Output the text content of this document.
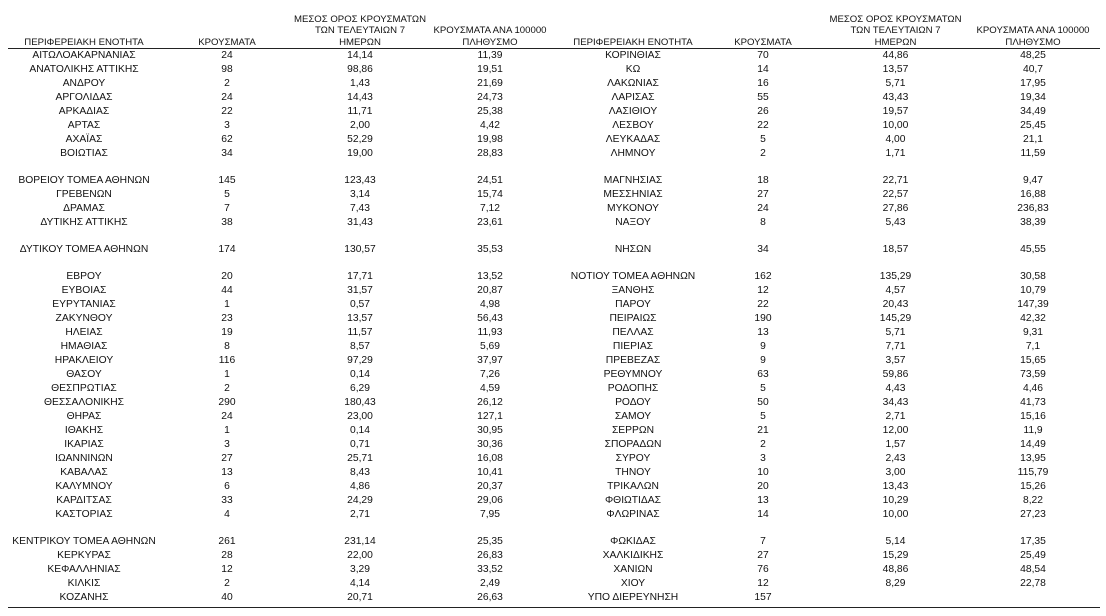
ΠΕΡΙΦΕΡΕΙΑΚΗ ΕΝΟΤΗΤΑ	ΚΡΟΥΣΜΑΤΑ
ΜΕΣΟΣ ΟΡΟΣ ΚΡΟΥΣΜΑΤΩΝ
ΤΩΝ ΤΕΛΕΥΤΑΙΩΝ 7
ΗΜΕΡΩΝ
ΚΡΟΥΣΜΑΤΑ ΑΝΑ 100000
ΠΛΗΘΥΣΜΟ
ΑΙΤΩΛΟΑΚΑΡΝΑΝΙΑΣ	24	14,14	11,39
ΑΝΑΤΟΛΙΚΗΣ ΑΤΤΙΚΗΣ	98	98,86	19,51
ΑΝΔΡΟΥ	2	1,43	21,69
ΑΡΓΟΛΙΔΑΣ	24	14,43	24,73
ΑΡΚΑΔΙΑΣ	22	11,71	25,38
ΑΡΤΑΣ	3	2,00	4,42
ΑΧΑΪΑΣ	62	52,29	19,98
ΒΟΙΩΤΙΑΣ	34	19,00	28,83
ΒΟΡΕΙΟΥ ΤΟΜΕΑ ΑΘΗΝΩΝ	145	123,43	24,51
ΓΡΕΒΕΝΩΝ	5	3,14	15,74
ΔΡΑΜΑΣ	7	7,43	7,12
ΔΥΤΙΚΗΣ ΑΤΤΙΚΗΣ	38	31,43	23,61
ΔΥΤΙΚΟΥ ΤΟΜΕΑ ΑΘΗΝΩΝ	174	130,57	35,53
ΕΒΡΟΥ	20	17,71	13,52
ΕΥΒΟΙΑΣ	44	31,57	20,87
ΕΥΡΥΤΑΝΙΑΣ	1	0,57	4,98
ΖΑΚΥΝΘΟΥ	23	13,57	56,43
ΗΛΕΙΑΣ	19	11,57	11,93
ΗΜΑΘΙΑΣ	8	8,57	5,69
ΗΡΑΚΛΕΙΟΥ	116	97,29	37,97
ΘΑΣΟΥ	1	0,14	7,26
ΘΕΣΠΡΩΤΙΑΣ	2	6,29	4,59
ΘΕΣΣΑΛΟΝΙΚΗΣ	290	180,43	26,12
ΘΗΡΑΣ	24	23,00	127,1
ΙΘΑΚΗΣ	1	0,14	30,95
ΙΚΑΡΙΑΣ	3	0,71	30,36
ΙΩΑΝΝΙΝΩΝ	27	25,71	16,08
ΚΑΒΑΛΑΣ	13	8,43	10,41
ΚΑΛΥΜΝΟΥ	6	4,86	20,37
ΚΑΡΔΙΤΣΑΣ	33	24,29	29,06
ΚΑΣΤΟΡΙΑΣ	4	2,71	7,95
ΚΕΝΤΡΙΚΟΥ ΤΟΜΕΑ ΑΘΗΝΩΝ	261	231,14	25,35
ΚΕΡΚΥΡΑΣ	28	22,00	26,83
ΚΕΦΑΛΛΗΝΙΑΣ	12	3,29	33,52
ΚΙΛΚΙΣ	2	4,14	2,49
ΚΟΖΑΝΗΣ	40	20,71	26,63
ΠΕΡΙΦΕΡΕΙΑΚΗ ΕΝΟΤΗΤΑ	ΚΡΟΥΣΜΑΤΑ
ΜΕΣΟΣ ΟΡΟΣ ΚΡΟΥΣΜΑΤΩΝ
ΤΩΝ ΤΕΛΕΥΤΑΙΩΝ 7
ΗΜΕΡΩΝ
ΚΡΟΥΣΜΑΤΑ ΑΝΑ 100000
ΠΛΗΘΥΣΜΟ
ΚΟΡΙΝΘΙΑΣ	70	44,86	48,25
ΚΩ	14	13,57	40,7
ΛΑΚΩΝΙΑΣ	16	5,71	17,95
ΛΑΡΙΣΑΣ	55	43,43	19,34
ΛΑΣΙΘΙΟΥ	26	19,57	34,49
ΛΕΣΒΟΥ	22	10,00	25,45
ΛΕΥΚΑΔΑΣ	5	4,00	21,1
ΛΗΜΝΟΥ	2	1,71	11,59
ΜΑΓΝΗΣΙΑΣ	18	22,71	9,47
ΜΕΣΣΗΝΙΑΣ	27	22,57	16,88
ΜΥΚΟΝΟΥ	24	27,86	236,83
ΝΑΞΟΥ	8	5,43	38,39
ΝΗΣΩΝ	34	18,57	45,55
ΝΟΤΙΟΥ ΤΟΜΕΑ ΑΘΗΝΩΝ	162	135,29	30,58
ΞΑΝΘΗΣ	12	4,57	10,79
ΠΑΡΟΥ	22	20,43	147,39
ΠΕΙΡΑΙΩΣ	190	145,29	42,32
ΠΕΛΛΑΣ	13	5,71	9,31
ΠΙΕΡΙΑΣ	9	7,71	7,1
ΠΡΕΒΕΖΑΣ	9	3,57	15,65
ΡΕΘΥΜΝΟΥ	63	59,86	73,59
ΡΟΔΟΠΗΣ	5	4,43	4,46
ΡΟΔΟΥ	50	34,43	41,73
ΣΑΜΟΥ	5	2,71	15,16
ΣΕΡΡΩΝ	21	12,00	11,9
ΣΠΟΡΑΔΩΝ	2	1,57	14,49
ΣΥΡΟΥ	3	2,43	13,95
ΤΗΝΟΥ	10	3,00	115,79
ΤΡΙΚΑΛΩΝ	20	13,43	15,26
ΦΘΙΩΤΙΔΑΣ	13	10,29	8,22
ΦΛΩΡΙΝΑΣ	14	10,00	27,23
ΦΩΚΙΔΑΣ	7	5,14	17,35
ΧΑΛΚΙΔΙΚΗΣ	27	15,29	25,49
ΧΑΝΙΩΝ	76	48,86	48,54
ΧΙΟΥ	12	8,29	22,78
ΥΠΟ ΔΙΕΡΕΥΝΗΣΗ	157
